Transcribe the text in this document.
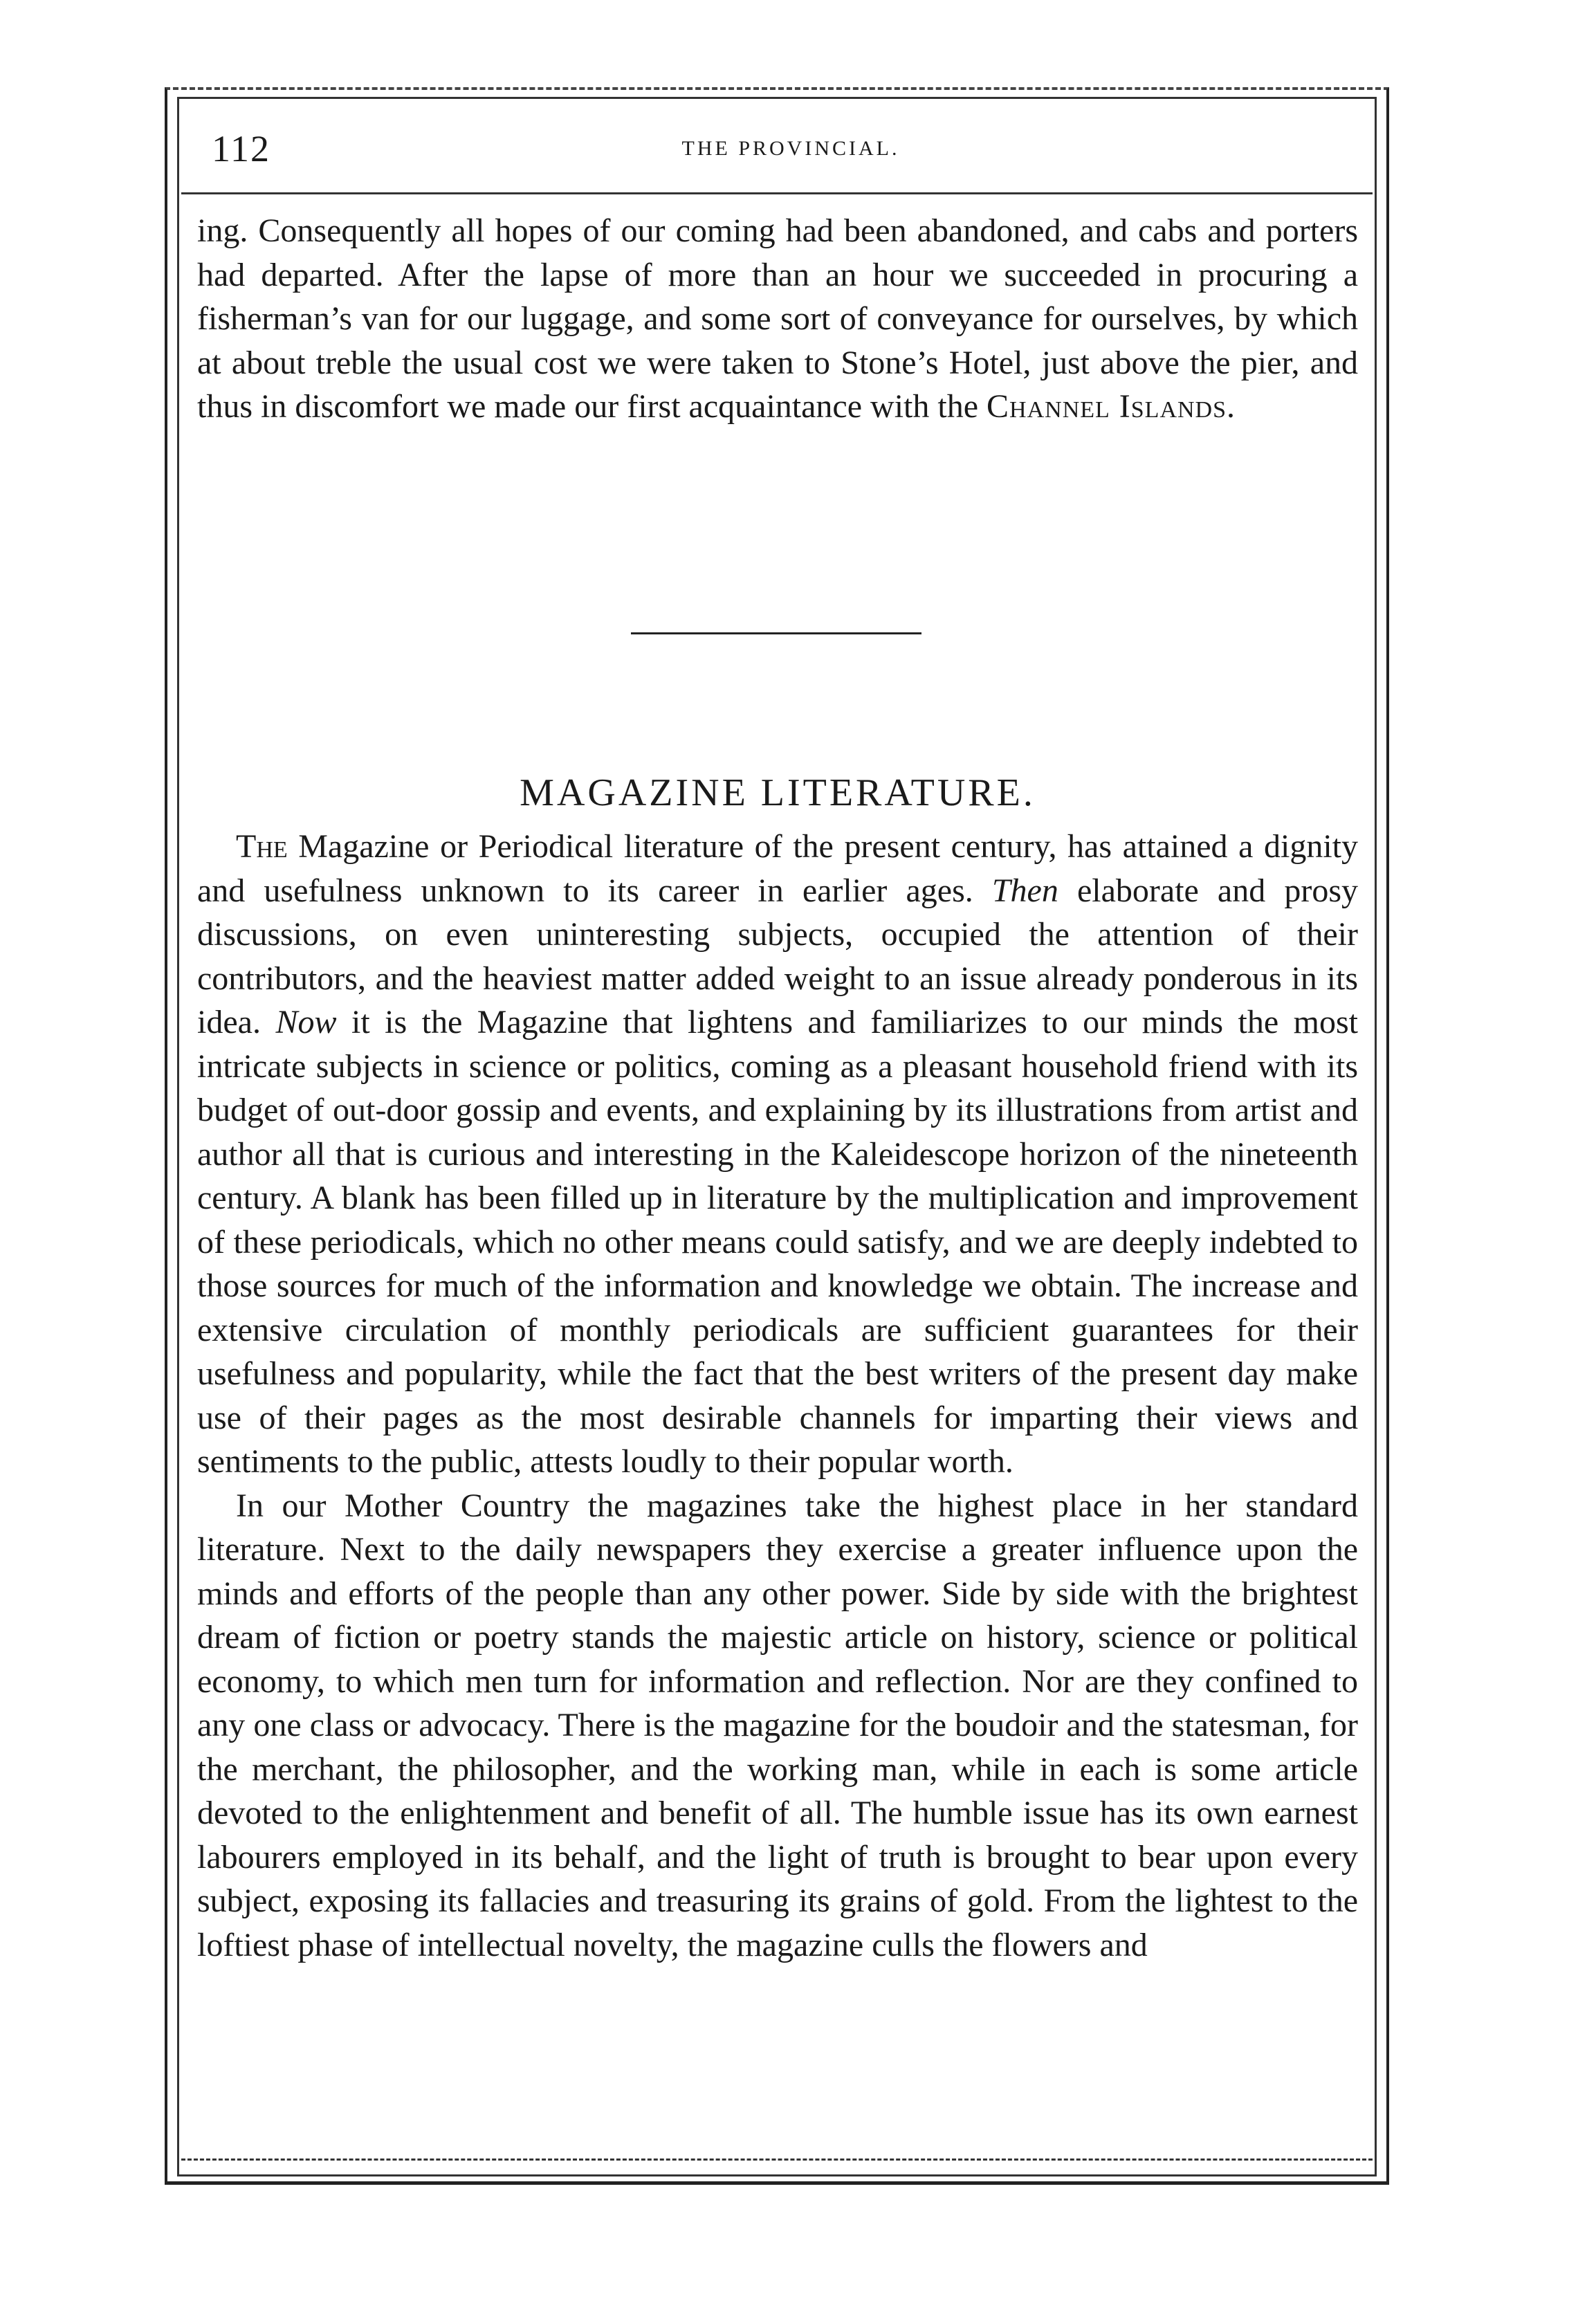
112	THE PROVINCIAL.

ing. Consequently all hopes of our coming had been abandoned, and cabs and porters had departed. After the lapse of more than an hour we succeeded in procuring a fisherman’s van for our luggage, and some sort of conveyance for ourselves, by which at about treble the usual cost we were taken to Stone’s Hotel, just above the pier, and thus in discomfort we made our first acquaintance with the Channel Islands.

MAGAZINE LITERATURE.

The Magazine or Periodical literature of the present century, has attained a dignity and usefulness unknown to its career in earlier ages. Then elaborate and prosy discussions, on even uninteresting subjects, occupied the attention of their contributors, and the heaviest matter added weight to an issue already ponderous in its idea. Now it is the Magazine that lightens and familiarizes to our minds the most intricate subjects in science or politics, coming as a pleasant household friend with its budget of out-door gossip and events, and explaining by its illustrations from artist and author all that is curious and interesting in the Kaleidescope horizon of the nineteenth century. A blank has been filled up in literature by the multiplication and improvement of these periodicals, which no other means could satisfy, and we are deeply indebted to those sources for much of the information and knowledge we obtain. The increase and extensive circulation of monthly periodicals are sufficient guarantees for their usefulness and popularity, while the fact that the best writers of the present day make use of their pages as the most desirable channels for imparting their views and sentiments to the public, attests loudly to their popular worth.

In our Mother Country the magazines take the highest place in her standard literature. Next to the daily newspapers they exercise a greater influence upon the minds and efforts of the people than any other power. Side by side with the brightest dream of fiction or poetry stands the majestic article on history, science or political economy, to which men turn for information and reflection. Nor are they confined to any one class or advocacy. There is the magazine for the boudoir and the statesman, for the merchant, the philosopher, and the working man, while in each is some article devoted to the enlightenment and benefit of all. The humble issue has its own earnest labourers employed in its behalf, and the light of truth is brought to bear upon every subject, exposing its fallacies and treasuring its grains of gold. From the lightest to the loftiest phase of intellectual novelty, the magazine culls the flowers and
